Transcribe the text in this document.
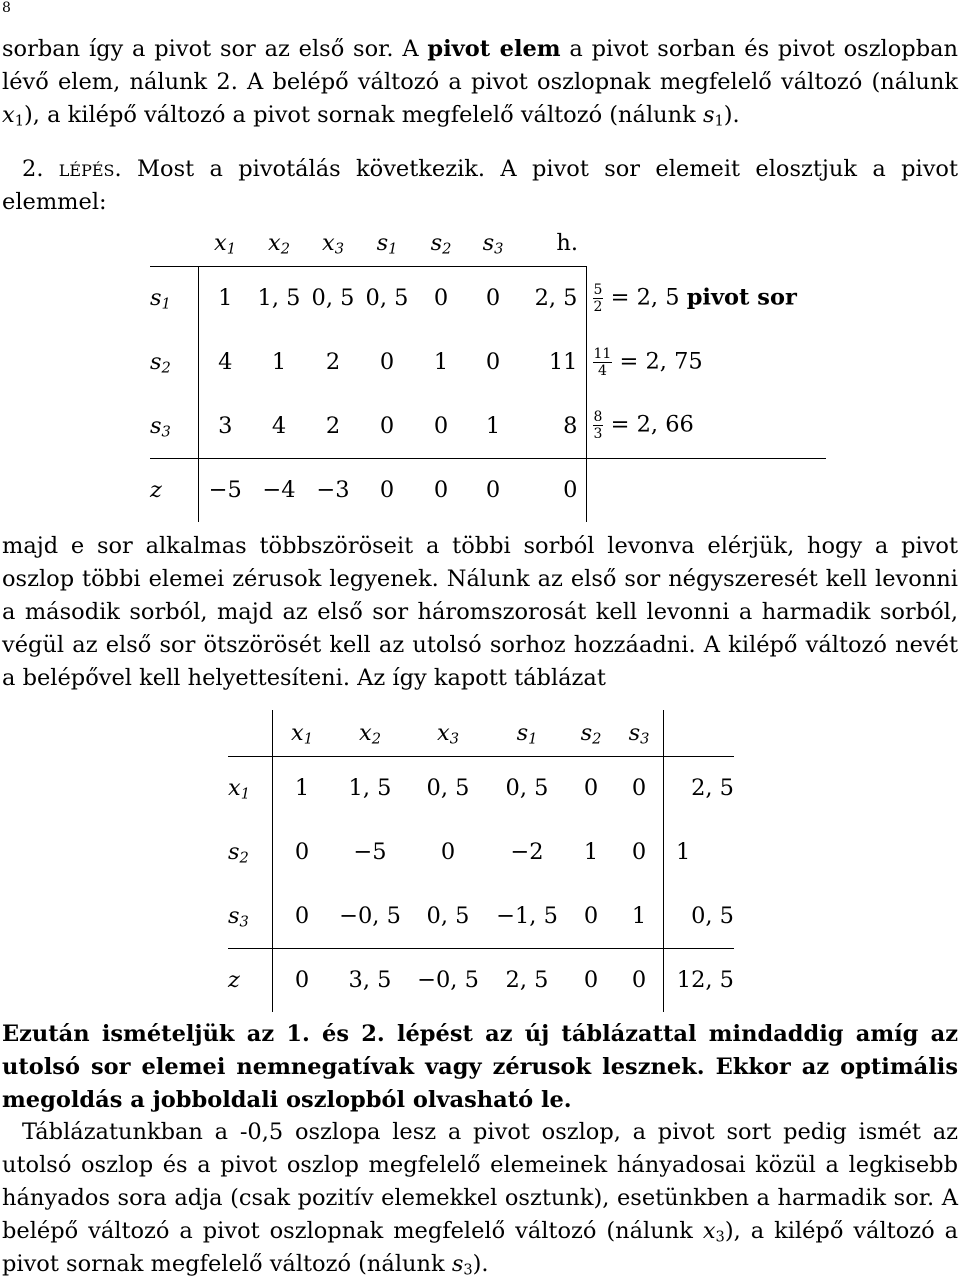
8

sorban így a pivot sor az első sor. A pivot elem a pivot sorban és pivot oszlopban lévő elem, nálunk 2. A belépő változó a pivot oszlopnak megfelelő változó (nálunk $x_1$), a kilépő változó a pivot sornak megfelelő változó (nálunk $s_1$).

2. lépés. Most a pivotálás következik. A pivot sor elemeit elosztjuk a pivot elemmel:

	$x_1$	$x_2$	$x_3$	$s_1$	$s_2$	$s_3$	h.	
$s_1$	1	1, 5	0, 5	0, 5	0	0	2, 5	$\frac{5}{2} = 2$, 5 pivot sor
$s_2$	4	1	2	0	1	0	11	$\frac{11}{4} = 2$, 75
$s_3$	3	4	2	0	0	1	8	$\frac{8}{3} = 2$, 66
z	−5	−4	−3	0	0	0	0	

majd e sor alkalmas többszöröseit a többi sorból levonva elérjük, hogy a pivot oszlop többi elemei zérusok legyenek. Nálunk az első sor négyszeresét kell levonni a második sorból, majd az első sor háromszorosát kell levonni a harmadik sorból, végül az első sor ötszörösét kell az utolsó sorhoz hozzáadni. A kilépő változó nevét a belépővel kell helyettesíteni. Az így kapott táblázat

	$x_1$	$x_2$	$x_3$	$s_1$	$s_2$	$s_3$	
$x_1$	1	1, 5	0, 5	0, 5	0	0	2, 5
$s_2$	0	−5	0	−2	1	0	1
$s_3$	0	−0, 5	0, 5	−1, 5	0	1	0, 5
z	0	3, 5	−0, 5	2, 5	0	0	12, 5

Ezután ismételjük az 1. és 2. lépést az új táblázattal mindaddig amíg az utolsó sor elemei nemnegatívak vagy zérusok lesznek. Ekkor az optimális megoldás a jobboldali oszlopból olvasható le.

Táblázatunkban a -0,5 oszlopa lesz a pivot oszlop, a pivot sort pedig ismét az utolsó oszlop és a pivot oszlop megfelelő elemeinek hányadosai közül a legkisebb hányados sora adja (csak pozitív elemekkel osztunk), esetünkben a harmadik sor. A belépő változó a pivot oszlopnak megfelelő változó (nálunk $x_3$), a kilépő változó a pivot sornak megfelelő változó (nálunk $s_3$).
